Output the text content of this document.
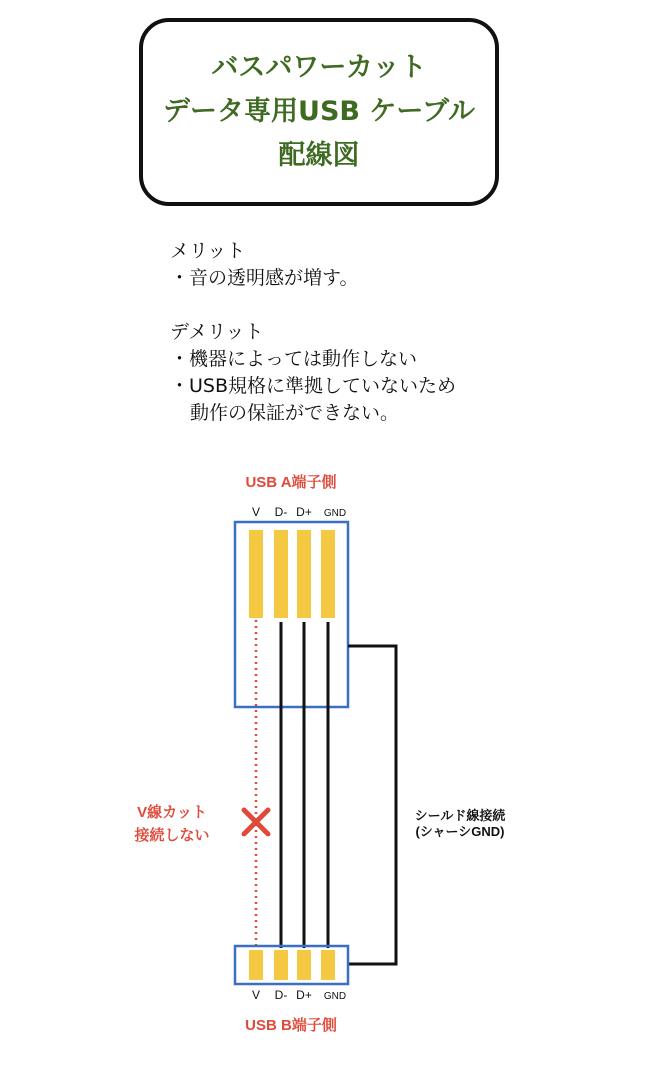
バスパワーカット
データ専用USB ケーブル
配線図
メリット
・音の透明感が増す。
デメリット
・機器によっては動作しない
・USB規格に準拠していないため
動作の保証ができない。
USB A端子側
V D- D+ GND
V線カット
接続しない
シールド線接続
(シャーシGND)
V D- D+ GND
USB B端子側
